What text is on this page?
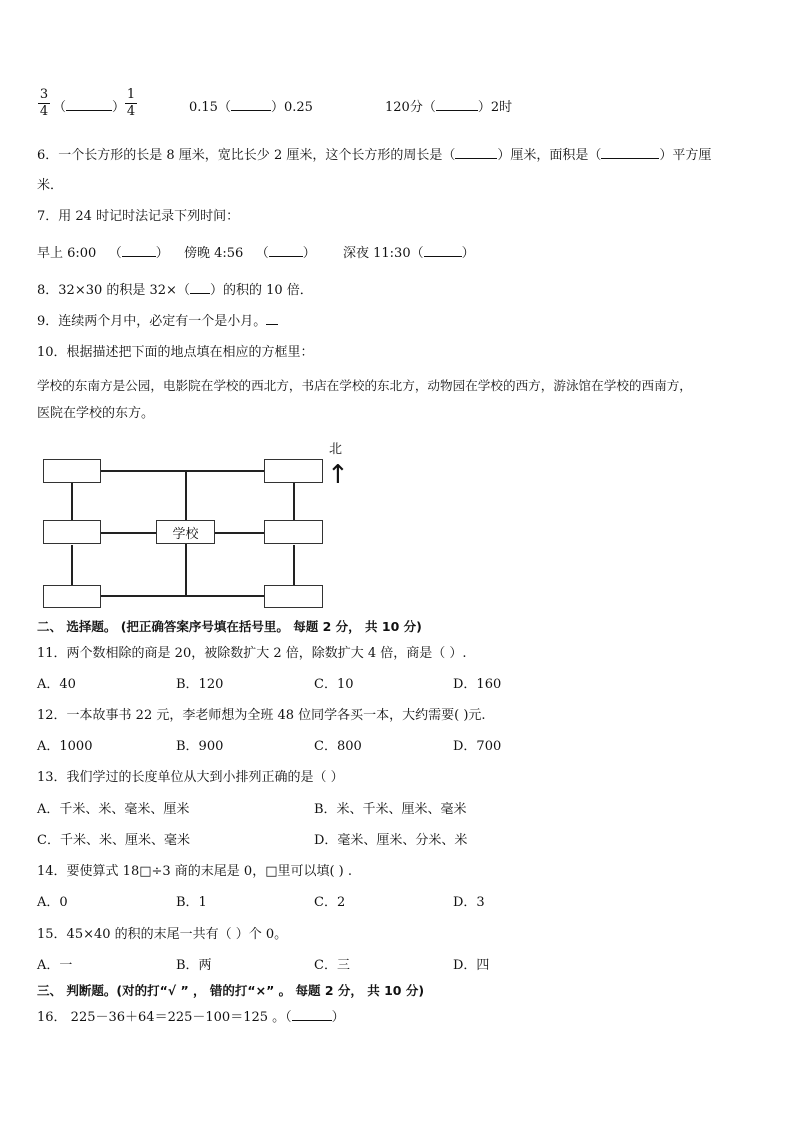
3
4 （	）
1
4	0.15（	）0.25	120分（	）2时
6．一个长方形的长是 8 厘米，宽比长少 2 厘米，这个长方形的周长是（	）厘米，面积是（	）平方厘
米．
7．用 24 时记时法记录下列时间：
早上 6:00 （	） 傍晚 4:56 （	） 深夜 11:30（	）
8．32×30 的积是 32×（ ）的积的 10 倍．
9．连续两个月中，必定有一个是小月。
10．根据描述把下面的地点填在相应的方框里：
学校的东南方是公园，电影院在学校的西北方，书店在学校的东北方，动物园在学校的西方，游泳馆在学校的西南方，
医院在学校的东方。
学校
北
↑
二、 选择题。 (把正确答案序号填在括号里。 每题 2 分， 共 10 分)
11．两个数相除的商是 20，被除数扩大 2 倍，除数扩大 4 倍，商是（ ）.
A．40	B．120	C．10	D．160
12．一本故事书 22 元，李老师想为全班 48 位同学各买一本，大约需要( )元.
A．1000	B．900	C．800	D．700
13．我们学过的长度单位从大到小排列正确的是（ ）
A．千米、米、毫米、厘米	B．米、千米、厘米、毫米
C．千米、米、厘米、毫米	D．毫米、厘米、分米、米
14．要使算式 18□÷3 商的末尾是 0，□里可以填( ) .
A．0	B．1	C．2	D．3
15．45×40 的积的末尾一共有（ ）个 0。
A．一	B．两	C．三	D．四
三、 判断题。(对的打“√ ” ， 错的打“×” 。 每题 2 分， 共 10 分)
16． 225－36＋64＝225－100＝125 。（	）
